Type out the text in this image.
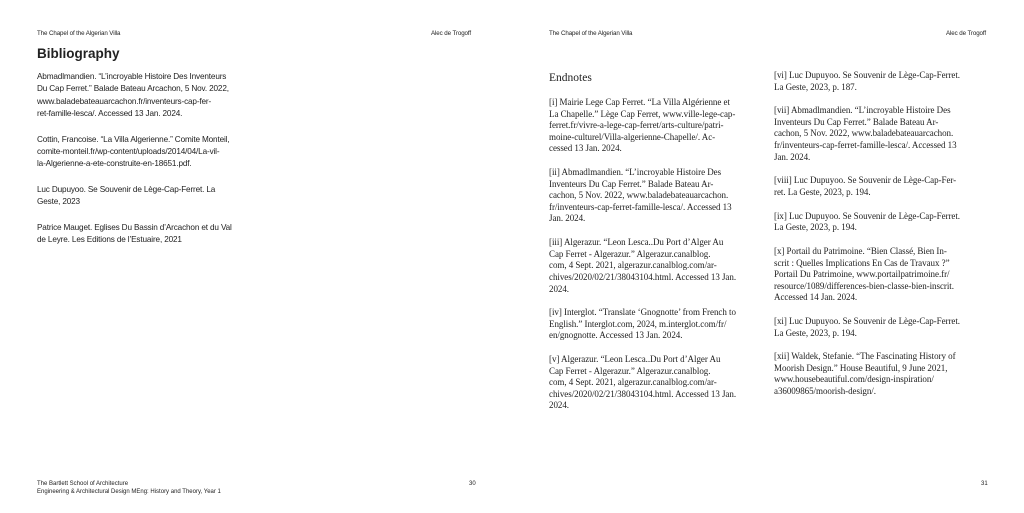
The Chapel of the Algerian Villa	Alec de Trogoff
Bibliography
Abmadlmandien. “L’incroyable Histoire Des Inventeurs
Du Cap Ferret.” Balade Bateau Arcachon, 5 Nov. 2022,
www.baladebateauarcachon.fr/inventeurs-cap-fer-
ret-famille-lesca/. Accessed 13 Jan. 2024.
Cottin, Francoise. “La Villa Algerienne.” Comite Monteil,
comite-monteil.fr/wp-content/uploads/2014/04/La-vil-
la-Algerienne-a-ete-construite-en-18651.pdf.
Luc Dupuyoo. Se Souvenir de Lège-Cap-Ferret. La
Geste, 2023
Patrice Mauget. Eglises Du Bassin d’Arcachon et du Val
de Leyre. Les Editions de l’Estuaire, 2021
The Bartlett School of Architecture
Engineering & Architectural Design MEng: History and Theory, Year 1
30
The Chapel of the Algerian Villa	Alec de Trogoff
Endnotes
[i] Mairie Lege Cap Ferret. “La Villa Algérienne et
La Chapelle.” Lège Cap Ferret, www.ville-lege-cap-
ferret.fr/vivre-a-lege-cap-ferret/arts-culture/patri-
moine-culturel/Villa-algerienne-Chapelle/. Ac-
cessed 13 Jan. 2024.
[ii] Abmadlmandien. “L’incroyable Histoire Des
Inventeurs Du Cap Ferret.” Balade Bateau Ar-
cachon, 5 Nov. 2022, www.baladebateauarcachon.
fr/inventeurs-cap-ferret-famille-lesca/. Accessed 13
Jan. 2024.
[iii] Algerazur. “Leon Lesca..Du Port d’Alger Au
Cap Ferret - Algerazur.” Algerazur.canalblog.
com, 4 Sept. 2021, algerazur.canalblog.com/ar-
chives/2020/02/21/38043104.html. Accessed 13 Jan.
2024.
[iv] Interglot. “Translate ‘Gnognotte’ from French to
English.” Interglot.com, 2024, m.interglot.com/fr/
en/gnognotte. Accessed 13 Jan. 2024.
[v] Algerazur. “Leon Lesca..Du Port d’Alger Au
Cap Ferret - Algerazur.” Algerazur.canalblog.
com, 4 Sept. 2021, algerazur.canalblog.com/ar-
chives/2020/02/21/38043104.html. Accessed 13 Jan.
2024.
[vi] Luc Dupuyoo. Se Souvenir de Lège-Cap-Ferret.
La Geste, 2023, p. 187.
[vii] Abmadlmandien. “L’incroyable Histoire Des
Inventeurs Du Cap Ferret.” Balade Bateau Ar-
cachon, 5 Nov. 2022, www.baladebateauarcachon.
fr/inventeurs-cap-ferret-famille-lesca/. Accessed 13
Jan. 2024.
[viii] Luc Dupuyoo. Se Souvenir de Lège-Cap-Fer-
ret. La Geste, 2023, p. 194.
[ix] Luc Dupuyoo. Se Souvenir de Lège-Cap-Ferret.
La Geste, 2023, p. 194.
[x] Portail du Patrimoine. “Bien Classé, Bien In-
scrit : Quelles Implications En Cas de Travaux ?”
Portail Du Patrimoine, www.portailpatrimoine.fr/
resource/1089/differences-bien-classe-bien-inscrit.
Accessed 14 Jan. 2024.
[xi] Luc Dupuyoo. Se Souvenir de Lège-Cap-Ferret.
La Geste, 2023, p. 194.
[xii] Waldek, Stefanie. “The Fascinating History of
Moorish Design.” House Beautiful, 9 June 2021,
www.housebeautiful.com/design-inspiration/
a36009865/moorish-design/.
31
